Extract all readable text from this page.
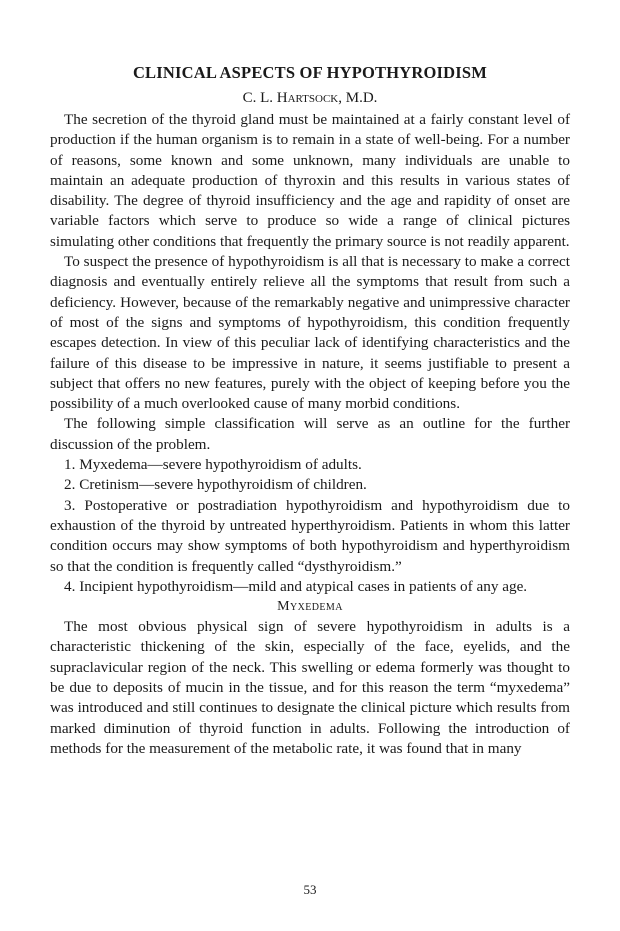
CLINICAL ASPECTS OF HYPOTHYROIDISM
C. L. Hartsock, M.D.

The secretion of the thyroid gland must be maintained at a fairly constant level of production if the human organism is to remain in a state of well-being. For a number of reasons, some known and some unknown, many individuals are unable to maintain an adequate production of thyroxin and this results in various states of disability. The degree of thyroid insufficiency and the age and rapidity of onset are variable factors which serve to produce so wide a range of clinical pictures simulating other conditions that frequently the primary source is not readily apparent.

To suspect the presence of hypothyroidism is all that is necessary to make a correct diagnosis and eventually entirely relieve all the symptoms that result from such a deficiency. However, because of the remarkably negative and unimpressive character of most of the signs and symptoms of hypothyroidism, this condition frequently escapes detection. In view of this peculiar lack of identifying characteristics and the failure of this disease to be impressive in nature, it seems justifiable to present a subject that offers no new features, purely with the object of keeping before you the possibility of a much overlooked cause of many morbid conditions.

The following simple classification will serve as an outline for the further discussion of the problem.

1. Myxedema—severe hypothyroidism of adults.

2. Cretinism—severe hypothyroidism of children.

3. Postoperative or postradiation hypothyroidism and hypothyroidism due to exhaustion of the thyroid by untreated hyperthyroidism. Patients in whom this latter condition occurs may show symptoms of both hypothyroidism and hyperthyroidism so that the condition is frequently called “dysthyroidism.”

4. Incipient hypothyroidism—mild and atypical cases in patients of any age.

Myxedema

The most obvious physical sign of severe hypothyroidism in adults is a characteristic thickening of the skin, especially of the face, eyelids, and the supraclavicular region of the neck. This swelling or edema formerly was thought to be due to deposits of mucin in the tissue, and for this reason the term “myxedema” was introduced and still continues to designate the clinical picture which results from marked diminution of thyroid function in adults. Following the introduction of methods for the measurement of the metabolic rate, it was found that in many

53
